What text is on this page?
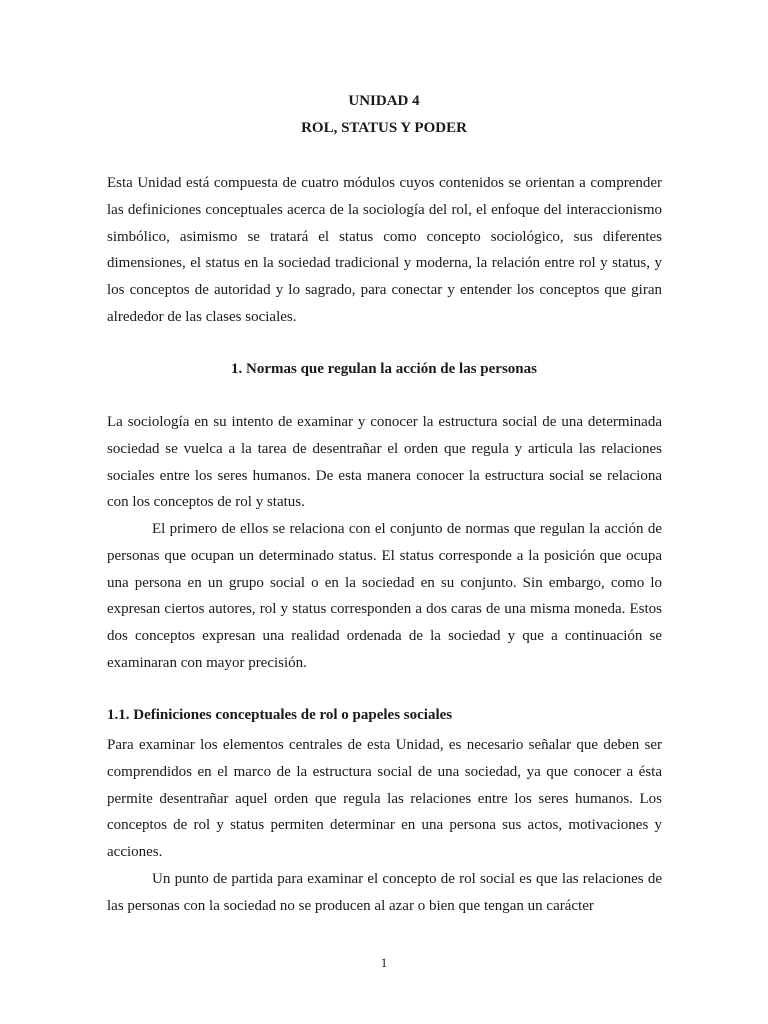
UNIDAD 4
ROL, STATUS Y PODER

Esta Unidad está compuesta de cuatro módulos cuyos contenidos se orientan a comprender las definiciones conceptuales acerca de la sociología del rol, el enfoque del interaccionismo simbólico, asimismo se tratará el status como concepto sociológico, sus diferentes dimensiones, el status en la sociedad tradicional y moderna, la relación entre rol y status, y los conceptos de autoridad y lo sagrado, para conectar y entender los conceptos que giran alrededor de las clases sociales.

1. Normas que regulan la acción de las personas

La sociología en su intento de examinar y conocer la estructura social de una determinada sociedad se vuelca a la tarea de desentrañar el orden que regula y articula las relaciones sociales entre los seres humanos. De esta manera conocer la estructura social se relaciona con los conceptos de rol y status.

El primero de ellos se relaciona con el conjunto de normas que regulan la acción de personas que ocupan un determinado status. El status corresponde a la posición que ocupa una persona en un grupo social o en la sociedad en su conjunto. Sin embargo, como lo expresan ciertos autores, rol y status corresponden a dos caras de una misma moneda. Estos dos conceptos expresan una realidad ordenada de la sociedad y que a continuación se examinaran con mayor precisión.

1.1. Definiciones conceptuales de rol o papeles sociales

Para examinar los elementos centrales de esta Unidad, es necesario señalar que deben ser comprendidos en el marco de la estructura social de una sociedad, ya que conocer a ésta permite desentrañar aquel orden que regula las relaciones entre los seres humanos. Los conceptos de rol y status permiten determinar en una persona sus actos, motivaciones y acciones.

Un punto de partida para examinar el concepto de rol social es que las relaciones de las personas con la sociedad no se producen al azar o bien que tengan un carácter

1
